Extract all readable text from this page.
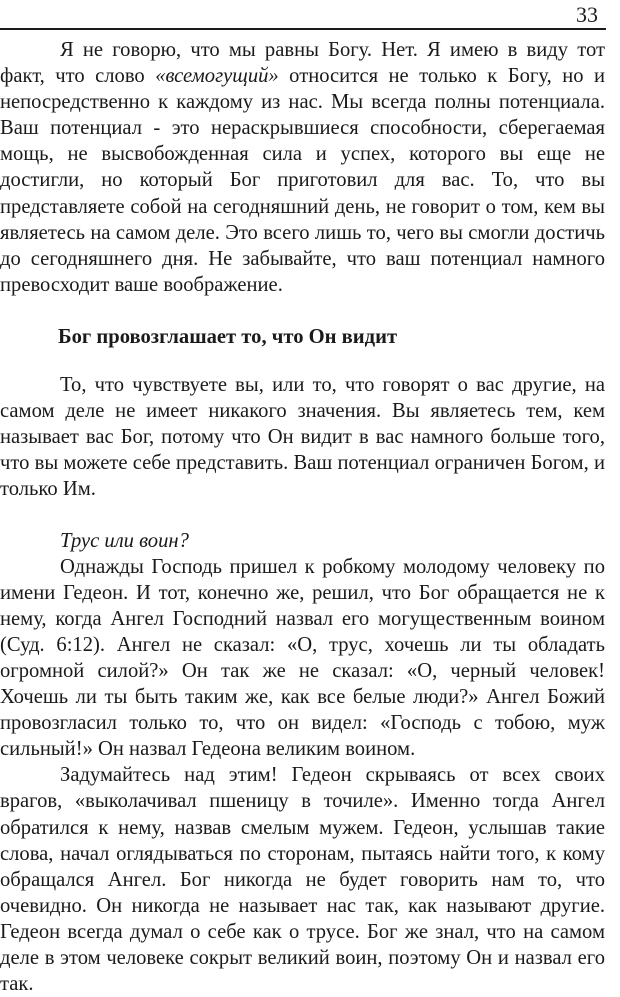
33

Я не говорю, что мы равны Богу. Нет. Я имею в виду тот факт, что слово «всемогущий» относится не только к Богу, но и непосредственно к каждому из нас. Мы всегда полны потенциала. Ваш потенциал - это нераскрывшиеся способности, сберегаемая мощь, не высвобожденная сила и успех, которого вы еще не достигли, но который Бог приготовил для вас. То, что вы представляете собой на сегодняшний день, не говорит о том, кем вы являетесь на самом деле. Это всего лишь то, чего вы смогли достичь до сегодняшнего дня. Не забывайте, что ваш потенциал намного превосходит ваше воображение.

Бог провозглашает то, что Он видит

То, что чувствуете вы, или то, что говорят о вас другие, на самом деле не имеет никакого значения. Вы являетесь тем, кем называет вас Бог, потому что Он видит в вас намного больше того, что вы можете себе представить. Ваш потенциал ограничен Богом, и только Им.

Трус или воин?

Однажды Господь пришел к робкому молодому человеку по имени Гедеон. И тот, конечно же, решил, что Бог обращается не к нему, когда Ангел Господний назвал его могущественным воином (Суд. 6:12). Ангел не сказал: «О, трус, хочешь ли ты обладать огромной силой?» Он так же не сказал: «О, черный человек! Хочешь ли ты быть таким же, как все белые люди?» Ангел Божий провозгласил только то, что он видел: «Господь с тобою, муж сильный!» Он назвал Гедеона великим воином.

Задумайтесь над этим! Гедеон скрываясь от всех своих врагов, «выколачивал пшеницу в точиле». Именно тогда Ангел обратился к нему, назвав смелым мужем. Гедеон, услышав такие слова, начал оглядываться по сторонам, пытаясь найти того, к кому обращался Ангел. Бог никогда не будет говорить нам то, что очевидно. Он никогда не называет нас так, как называют другие. Гедеон всегда думал о себе как о трусе. Бог же знал, что на самом деле в этом человеке сокрыт великий воин, поэтому Он и назвал его так.
